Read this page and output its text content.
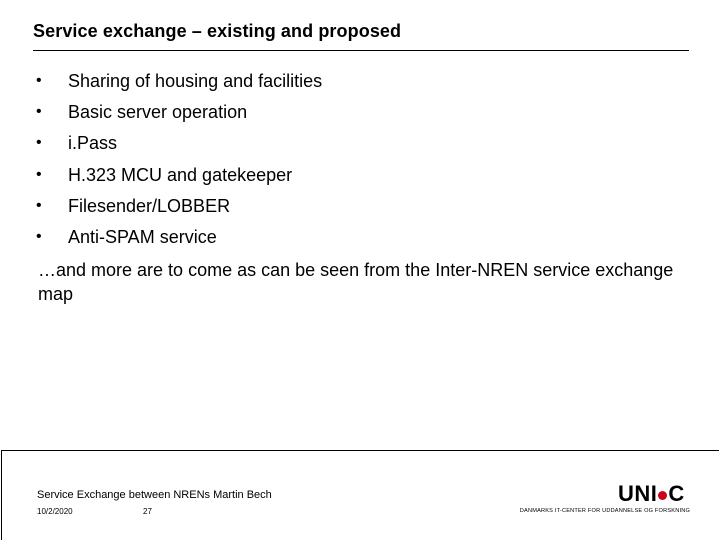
Service exchange – existing and proposed
• Sharing of housing and facilities
• Basic server operation
• i.Pass
• H.323 MCU and gatekeeper
• Filesender/LOBBER
• Anti-SPAM service
…and more are to come as can be seen from the Inter-NREN service exchange map
Service Exchange between NRENs Martin Bech
10/2/2020	27
UNI C
DANMARKS IT-CENTER FOR UDDANNELSE OG FORSKNING
